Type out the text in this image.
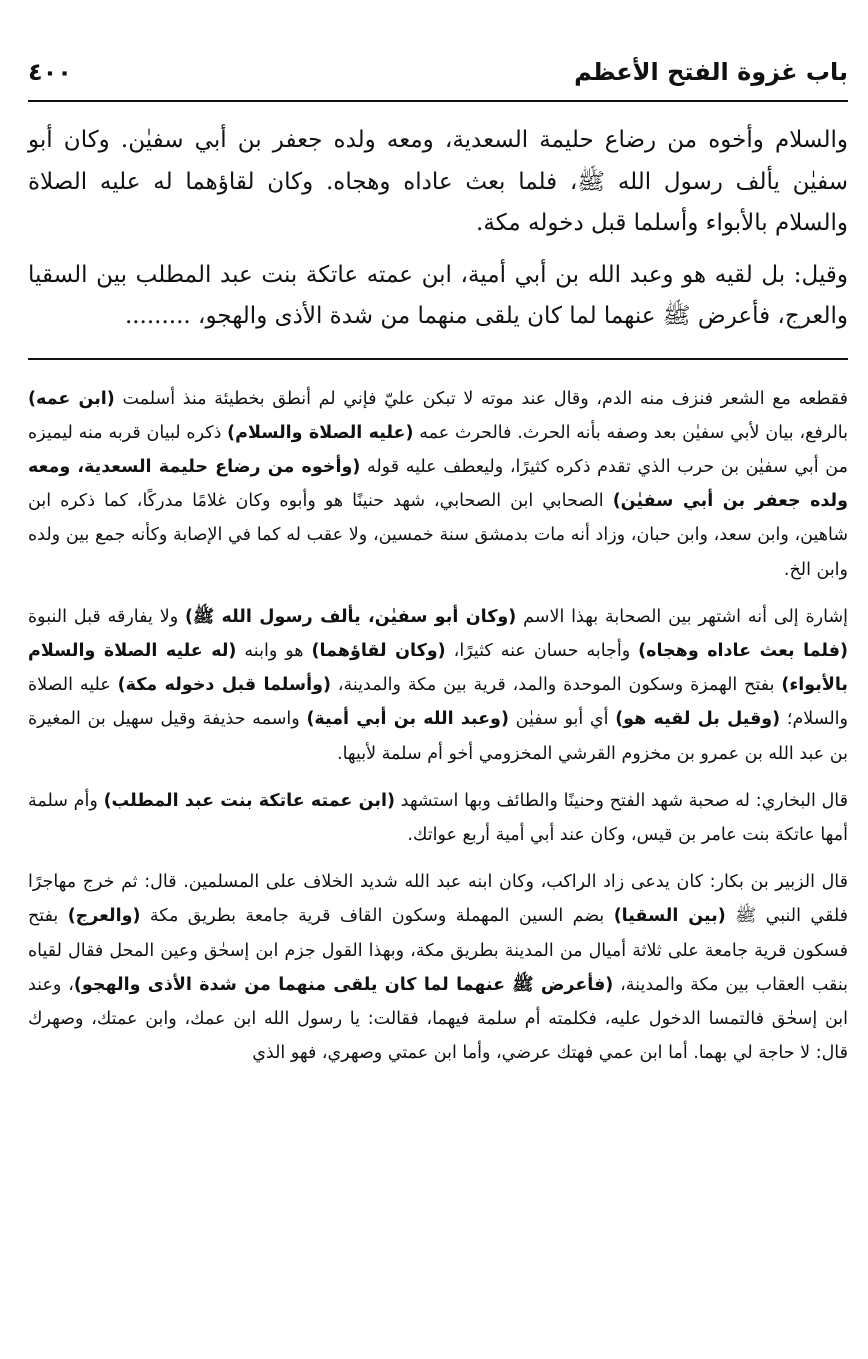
باب غزوة الفتح الأعظم
٤٠٠

والسلام وأخوه من رضاع حليمة السعدية، ومعه ولده جعفر بن أبي سفيٰن. وكان أبو سفيٰن يألف رسول الله ﷺ، فلما بعث عاداه وهجاه. وكان لقاؤهما له عليه الصلاة والسلام بالأبواء وأسلما قبل دخوله مكة.

وقيل: بل لقيه هو وعبد الله بن أبي أمية، ابن عمته عاتكة بنت عبد المطلب بين السقيا والعرج، فأعرض ﷺ عنهما لما كان يلقى منهما من شدة الأذى والهجو، .........

فقطعه مع الشعر فنزف منه الدم، وقال عند موته لا تبكن عليّ فإني لم أنطق بخطيئة منذ أسلمت (ابن عمه) بالرفع، بيان لأبي سفيٰن بعد وصفه بأنه الحرث. فالحرث عمه (عليه الصلاة والسلام) ذكره لبيان قربه منه ليميزه من أبي سفيٰن بن حرب الذي تقدم ذكره كثيرًا، وليعطف عليه قوله (وأخوه من رضاع حليمة السعدية، ومعه ولده جعفر بن أبي سفيٰن) الصحابي ابن الصحابي، شهد حنينًا هو وأبوه وكان غلامًا مدركًا، كما ذكره ابن شاهين، وابن سعد، وابن حبان، وزاد أنه مات بدمشق سنة خمسين، ولا عقب له كما في الإصابة وكأنه جمع بين ولده وابن الخ.

إشارة إلى أنه اشتهر بين الصحابة بهذا الاسم (وكان أبو سفيٰن، يألف رسول الله ﷺ) ولا يفارقه قبل النبوة (فلما بعث عاداه وهجاه) وأجابه حسان عنه كثيرًا، (وكان لقاؤهما) هو وابنه (له عليه الصلاة والسلام بالأبواء) بفتح الهمزة وسكون الموحدة والمد، قرية بين مكة والمدينة، (وأسلما قبل دخوله مكة) عليه الصلاة والسلام؛ (وقيل بل لقيه هو) أي أبو سفيٰن (وعبد الله بن أبي أمية) واسمه حذيفة وقيل سهيل بن المغيرة بن عبد الله بن عمرو بن مخزوم القرشي المخزومي أخو أم سلمة لأبيها.

قال البخاري: له صحبة شهد الفتح وحنينًا والطائف وبها استشهد (ابن عمته عاتكة بنت عبد المطلب) وأم سلمة أمها عاتكة بنت عامر بن قيس، وكان عند أبي أمية أربع عواتك.

قال الزبير بن بكار: كان يدعى زاد الراكب، وكان ابنه عبد الله شديد الخلاف على المسلمين. قال: ثم خرج مهاجرًا فلقي النبي ﷺ (بين السقيا) بضم السين المهملة وسكون القاف قرية جامعة بطريق مكة (والعرج) بفتح فسكون قرية جامعة على ثلاثة أميال من المدينة بطريق مكة، وبهذا القول جزم ابن إسحٰق وعين المحل فقال لقياه بنقب العقاب بين مكة والمدينة، (فأعرض ﷺ عنهما لما كان يلقى منهما من شدة الأذى والهجو)، وعند ابن إسحٰق فالتمسا الدخول عليه، فكلمته أم سلمة فيهما، فقالت: يا رسول الله ابن عمك، وابن عمتك، وصهرك قال: لا حاجة لي بهما. أما ابن عمي فهتك عرضي، وأما ابن عمتي وصهري، فهو الذي
